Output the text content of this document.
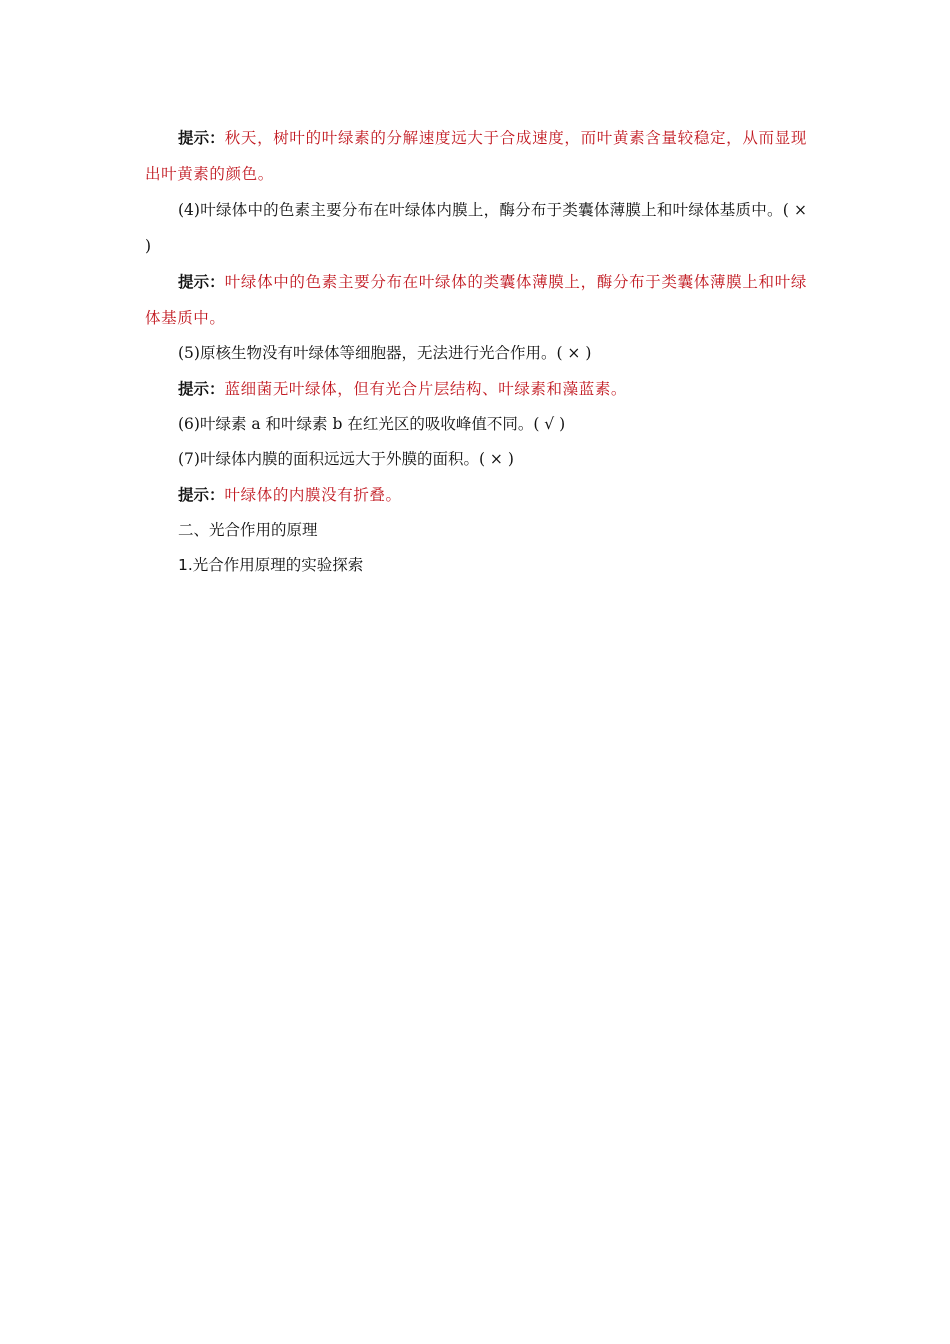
提示：秋天，树叶的叶绿素的分解速度远大于合成速度，而叶黄素含量较稳定，从而显现出叶黄素的颜色。

(4)叶绿体中的色素主要分布在叶绿体内膜上，酶分布于类囊体薄膜上和叶绿体基质中。( × )

提示：叶绿体中的色素主要分布在叶绿体的类囊体薄膜上，酶分布于类囊体薄膜上和叶绿体基质中。

(5)原核生物没有叶绿体等细胞器，无法进行光合作用。( × )

提示：蓝细菌无叶绿体，但有光合片层结构、叶绿素和藻蓝素。

(6)叶绿素 a 和叶绿素 b 在红光区的吸收峰值不同。( √ )

(7)叶绿体内膜的面积远远大于外膜的面积。( × )

提示：叶绿体的内膜没有折叠。

二、光合作用的原理

1.光合作用原理的实验探索
